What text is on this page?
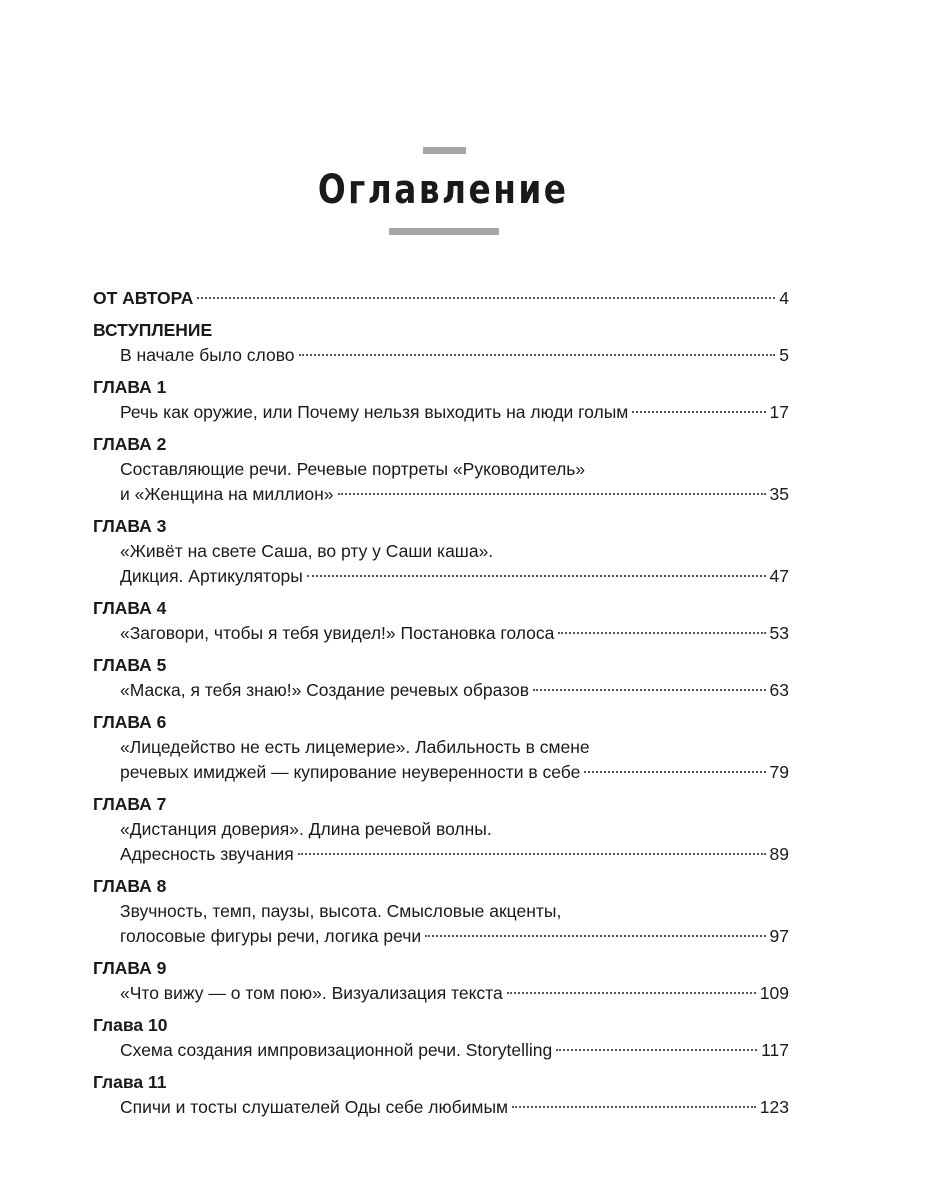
Оглавление
ОТ АВТОРА	4
ВСТУПЛЕНИЕ
В начале было слово	5
ГЛАВА 1
Речь как оружие, или Почему нельзя выходить на люди голым	17
ГЛАВА 2
Составляющие речи. Речевые портреты «Руководитель»
и «Женщина на миллион»	35
ГЛАВА 3
«Живёт на свете Саша, во рту у Саши каша».
Дикция. Артикуляторы	47
ГЛАВА 4
«Заговори, чтобы я тебя увидел!» Постановка голоса	53
ГЛАВА 5
«Маска, я тебя знаю!» Создание речевых образов	63
ГЛАВА 6
«Лицедейство не есть лицемерие». Лабильность в смене
речевых имиджей — купирование неуверенности в себе	79
ГЛАВА 7
«Дистанция доверия». Длина речевой волны.
Адресность звучания	89
ГЛАВА 8
Звучность, темп, паузы, высота. Смысловые акценты,
голосовые фигуры речи, логика речи	97
ГЛАВА 9
«Что вижу — о том пою». Визуализация текста	109
Глава 10
Схема создания импровизационной речи. Storytelling	117
Глава 11
Спичи и тосты слушателей Оды себе любимым	123
